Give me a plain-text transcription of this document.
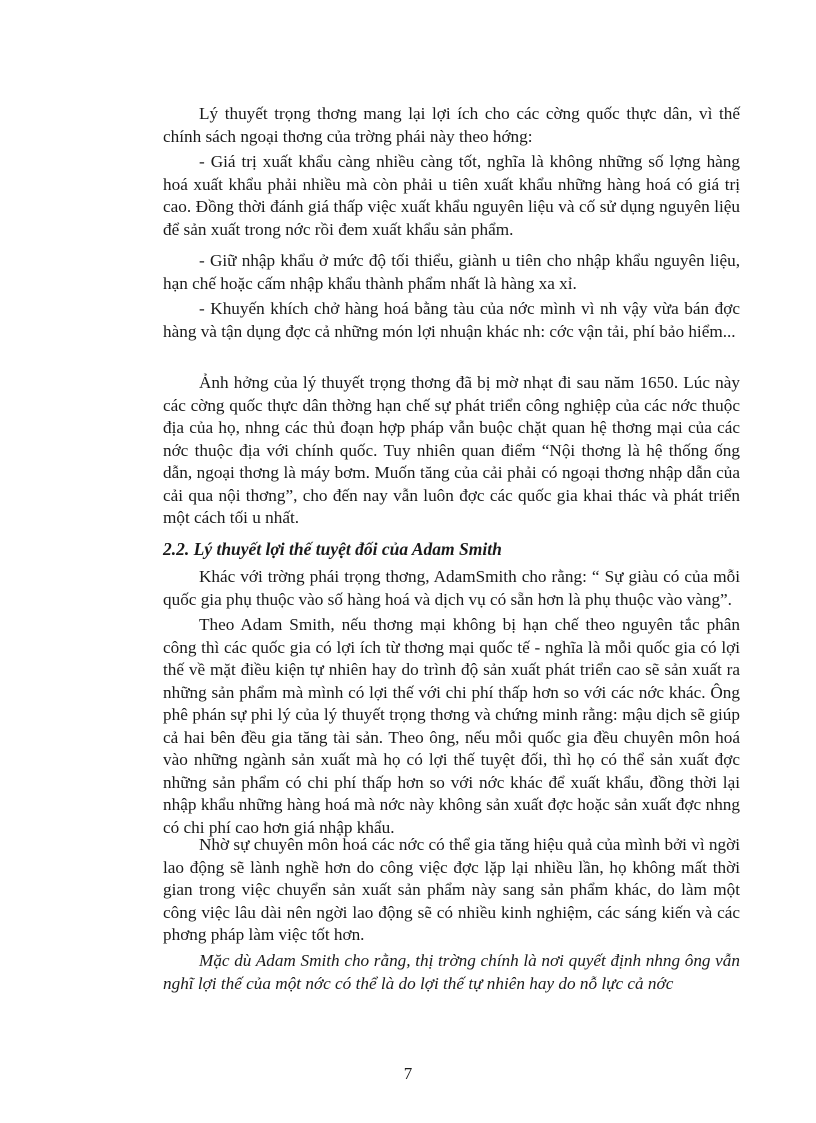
Lý thuyết trọng thơng mang lại lợi ích cho các cờng quốc thực dân, vì thế chính sách ngoại thơng của trờng phái này theo hớng:

- Giá trị xuất khẩu càng nhiều càng tốt, nghĩa là không những số lợng hàng hoá xuất khẩu phải nhiều mà còn phải u tiên xuất khẩu những hàng hoá có giá trị cao. Đồng thời đánh giá thấp việc xuất khẩu nguyên liệu và cố sử dụng nguyên liệu để sản xuất trong nớc rồi đem xuất khẩu sản phẩm.

- Giữ nhập khẩu ở mức độ tối thiểu, giành u tiên cho nhập khẩu nguyên liệu, hạn chế hoặc cấm nhập khẩu thành phẩm nhất là hàng xa xỉ.

- Khuyến khích chở hàng hoá bằng tàu của nớc mình vì nh vậy vừa bán đợc hàng và tận dụng đợc cả những món lợi nhuận khác nh: cớc vận tải, phí bảo hiểm...

Ảnh hởng của lý thuyết trọng thơng đã bị mờ nhạt đi sau năm 1650. Lúc này các cờng quốc thực dân thờng hạn chế sự phát triển công nghiệp của các nớc thuộc địa của họ, nhng các thủ đoạn hợp pháp vẫn buộc chặt quan hệ thơng mại của các nớc thuộc địa với chính quốc. Tuy nhiên quan điểm “Nội thơng là hệ thống ống dẫn, ngoại thơng là máy bơm. Muốn tăng của cải phải có ngoại thơng nhập dẫn của cải qua nội thơng”, cho đến nay vẫn luôn đợc các quốc gia khai thác và phát triển một cách tối u nhất.

2.2. Lý thuyết lợi thế tuyệt đối của Adam Smith

Khác với trờng phái trọng thơng, AdamSmith cho rằng: “ Sự giàu có của mỗi quốc gia phụ thuộc vào số hàng hoá và dịch vụ có sẵn hơn là phụ thuộc vào vàng”.

Theo Adam Smith, nếu thơng mại không bị hạn chế theo nguyên tắc phân công thì các quốc gia có lợi ích từ thơng mại quốc tế - nghĩa là mỗi quốc gia có lợi thế về mặt điều kiện tự nhiên hay do trình độ sản xuất phát triển cao sẽ sản xuất ra những sản phẩm mà mình có lợi thế với chi phí thấp hơn so với các nớc khác. Ông phê phán sự phi lý của lý thuyết trọng thơng và chứng minh rằng: mậu dịch sẽ giúp cả hai bên đều gia tăng tài sản. Theo ông, nếu mỗi quốc gia đều chuyên môn hoá vào những ngành sản xuất mà họ có lợi thế tuyệt đối, thì họ có thể sản xuất đợc những sản phẩm có chi phí thấp hơn so với nớc khác để xuất khẩu, đồng thời lại nhập khẩu những hàng hoá mà nớc này không sản xuất đợc hoặc sản xuất đợc nhng có chi phí cao hơn giá nhập khẩu.

Nhờ sự chuyên môn hoá các nớc có thể gia tăng hiệu quả của mình bởi vì ngời lao động sẽ lành nghề hơn do công việc đợc lặp lại nhiều lần, họ không mất thời gian trong việc chuyển sản xuất sản phẩm này sang sản phẩm khác, do làm một công việc lâu dài nên ngời lao động sẽ có nhiều kinh nghiệm, các sáng kiến và các phơng pháp làm việc tốt hơn.

Mặc dù Adam Smith cho rằng, thị trờng chính là nơi quyết định nhng ông vẫn nghĩ lợi thế của một nớc có thể là do lợi thế tự nhiên hay do nỗ lực cả nớc

7
